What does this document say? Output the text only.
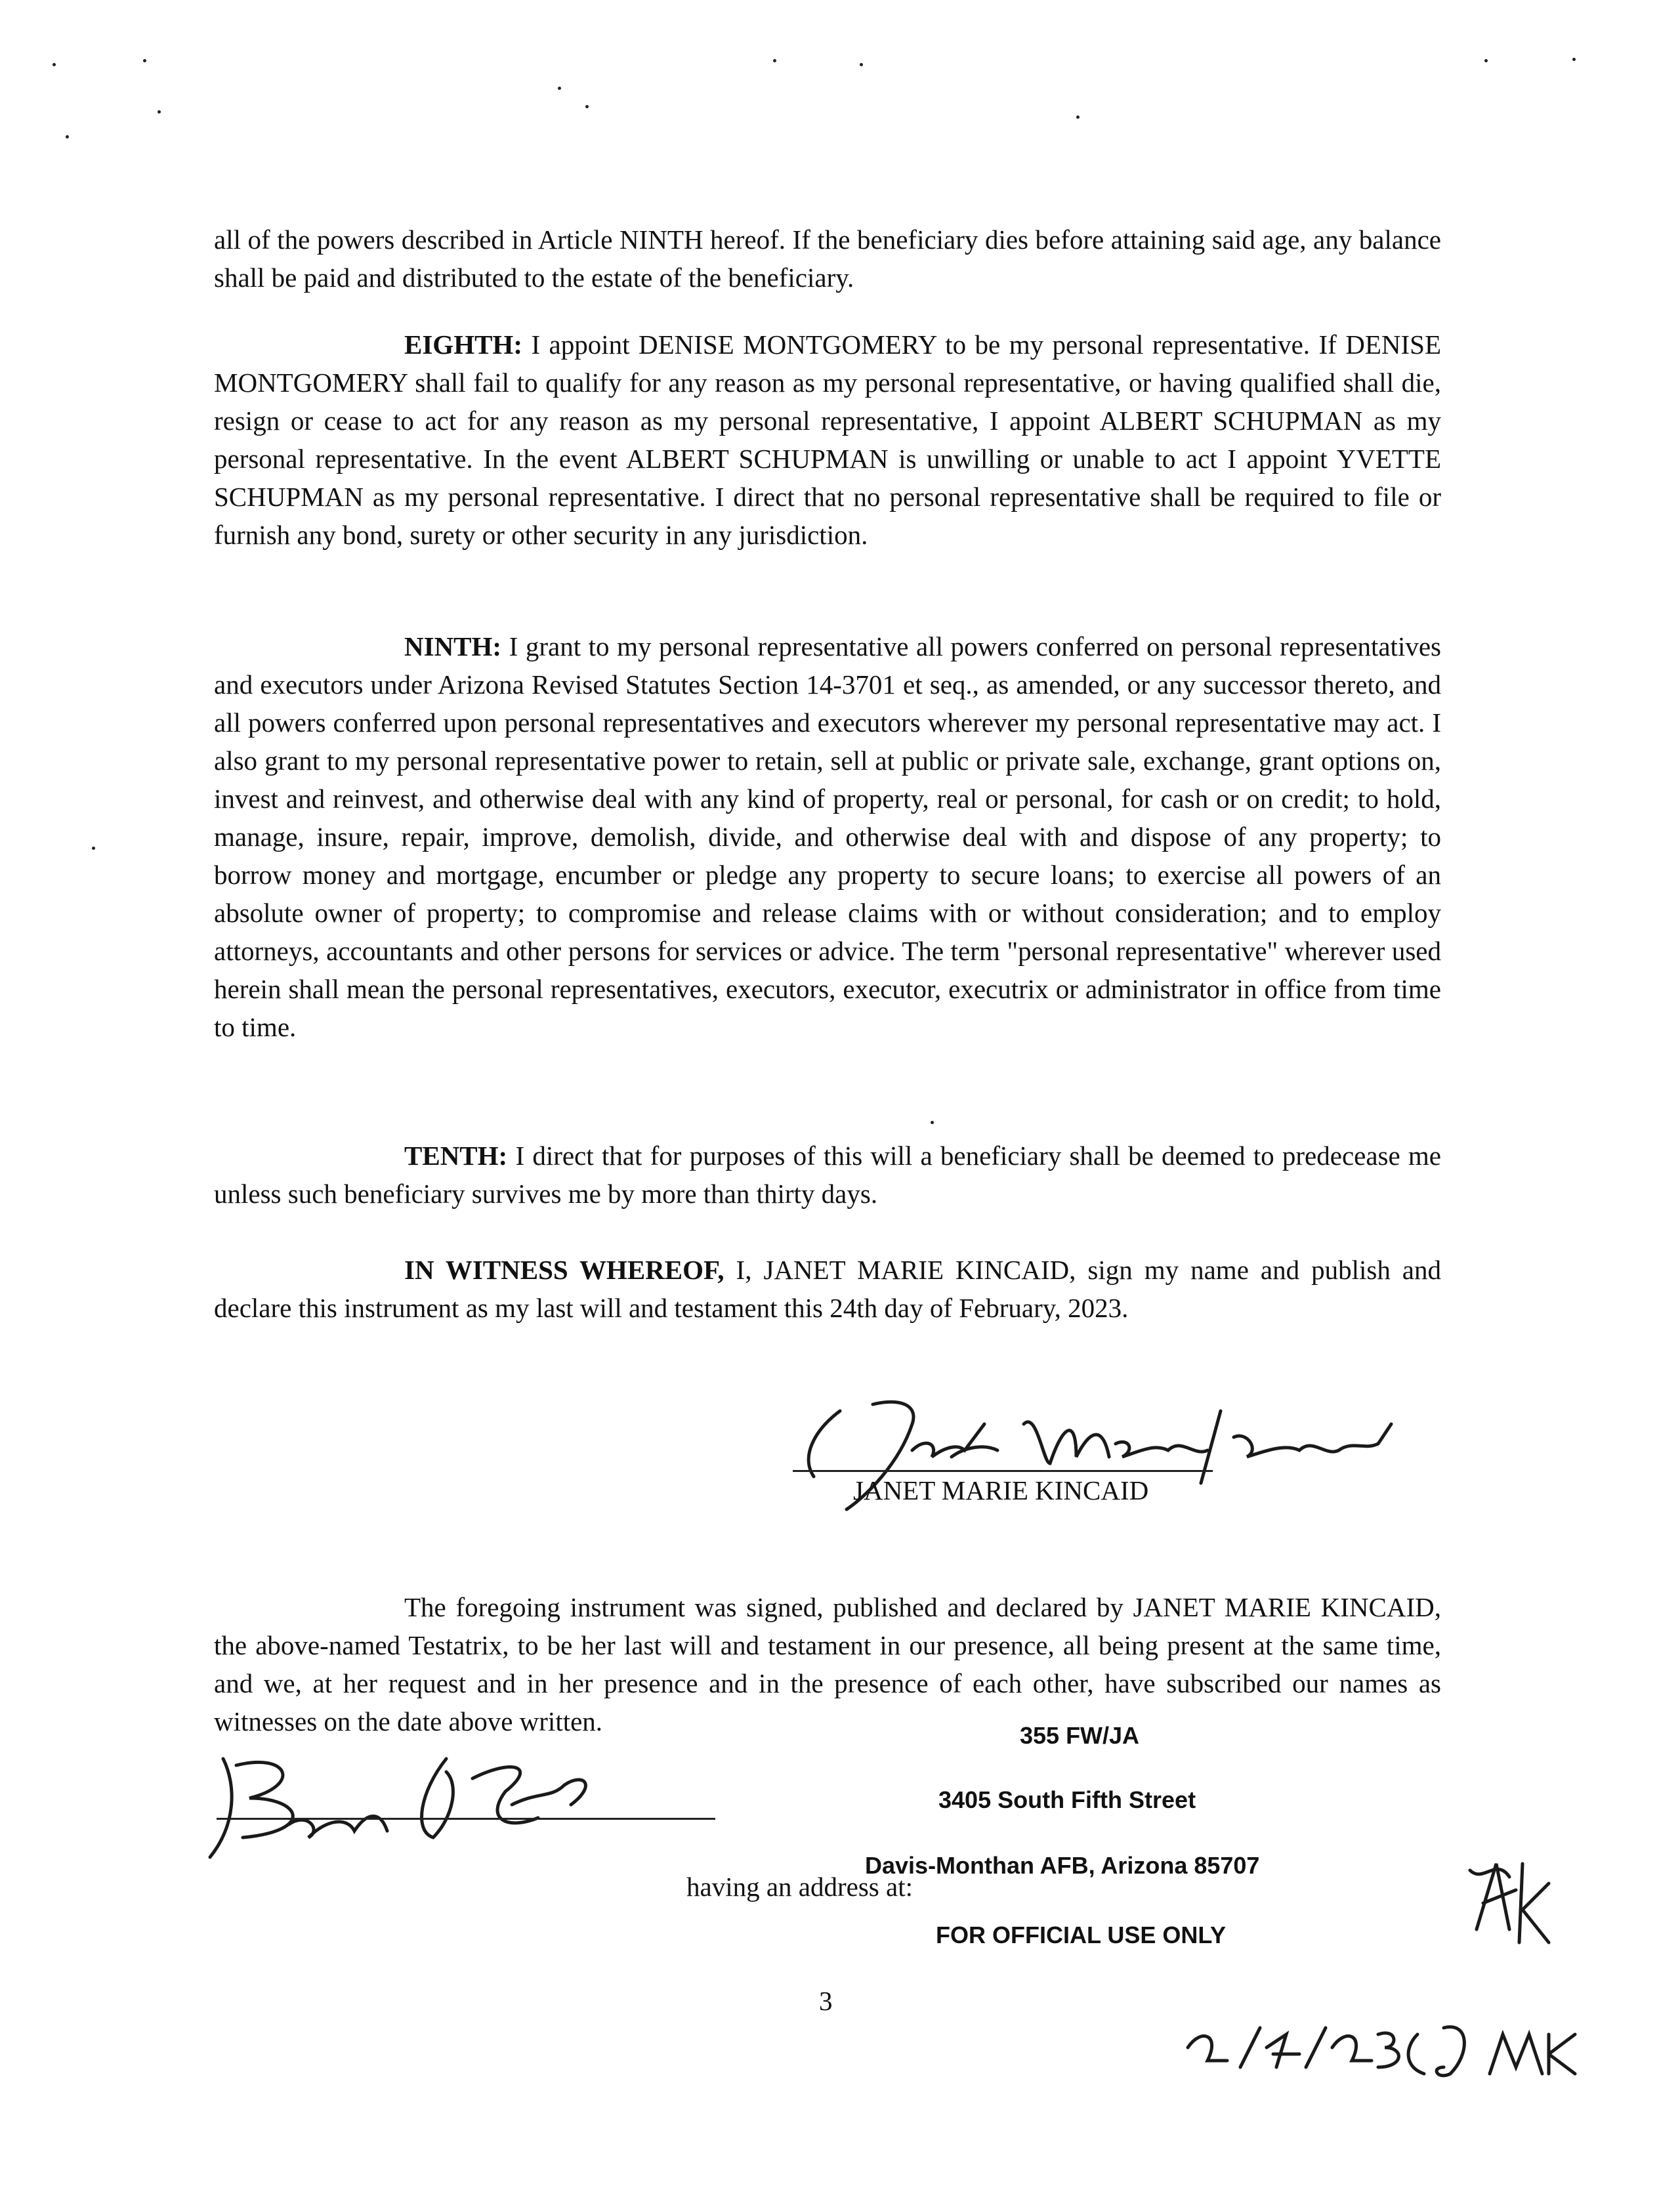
all of the powers described in Article NINTH hereof. If the beneficiary dies before attaining said age, any balance shall be paid and distributed to the estate of the beneficiary.
EIGHTH: I appoint DENISE MONTGOMERY to be my personal representative. If DENISE MONTGOMERY shall fail to qualify for any reason as my personal representative, or having qualified shall die, resign or cease to act for any reason as my personal representative, I appoint ALBERT SCHUPMAN as my personal representative. In the event ALBERT SCHUPMAN is unwilling or unable to act I appoint YVETTE SCHUPMAN as my personal representative. I direct that no personal representative shall be required to file or furnish any bond, surety or other security in any jurisdiction.
NINTH: I grant to my personal representative all powers conferred on personal representatives and executors under Arizona Revised Statutes Section 14-3701 et seq., as amended, or any successor thereto, and all powers conferred upon personal representatives and executors wherever my personal representative may act. I also grant to my personal representative power to retain, sell at public or private sale, exchange, grant options on, invest and reinvest, and otherwise deal with any kind of property, real or personal, for cash or on credit; to hold, manage, insure, repair, improve, demolish, divide, and otherwise deal with and dispose of any property; to borrow money and mortgage, encumber or pledge any property to secure loans; to exercise all powers of an absolute owner of property; to compromise and release claims with or without consideration; and to employ attorneys, accountants and other persons for services or advice. The term "personal representative" wherever used herein shall mean the personal representatives, executors, executor, executrix or administrator in office from time to time.
TENTH: I direct that for purposes of this will a beneficiary shall be deemed to predecease me unless such beneficiary survives me by more than thirty days.
IN WITNESS WHEREOF, I, JANET MARIE KINCAID, sign my name and publish and declare this instrument as my last will and testament this 24th day of February, 2023.
JANET MARIE KINCAID
The foregoing instrument was signed, published and declared by JANET MARIE KINCAID, the above-named Testatrix, to be her last will and testament in our presence, all being present at the same time, and we, at her request and in her presence and in the presence of each other, have subscribed our names as witnesses on the date above written.	355 FW/JA
3405 South Fifth Street
Davis-Monthan AFB, Arizona 85707
having an address at:
FOR OFFICIAL USE ONLY
3
